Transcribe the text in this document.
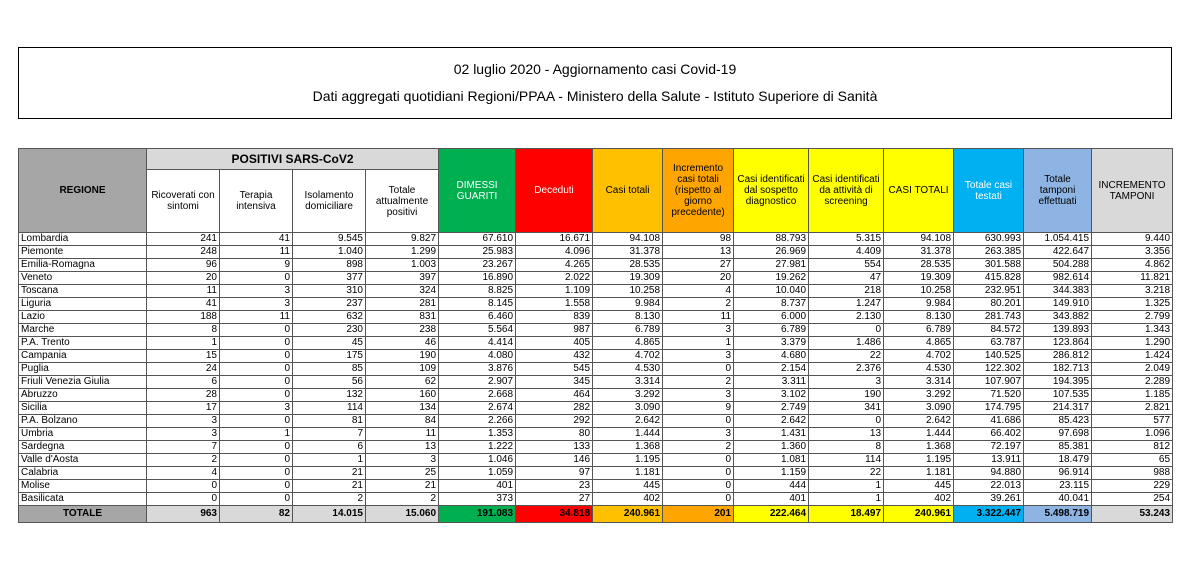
02 luglio 2020 - Aggiornamento casi Covid-19
Dati aggregati quotidiani Regioni/PPAA - Ministero della Salute - Istituto Superiore di Sanità
REGIONE	POSITIVI SARS-CoV2				DIMESSI GUARITI	Deceduti	Casi totali	Incremento casi totali (rispetto al giorno precedente)	Casi identificati dal sospetto diagnostico	Casi identificati da attività di screening	CASI TOTALI	Totale casi testati	Totale tamponi effettuati	INCREMENTO TAMPONI
	Ricoverati con sintomi	Terapia intensiva	Isolamento domiciliare	Totale attualmente positivi										
Lombardia	241	41	9.545	9.827	67.610	16.671	94.108	98	88.793	5.315	94.108	630.993	1.054.415	9.440
Piemonte	248	11	1.040	1.299	25.983	4.096	31.378	13	26.969	4.409	31.378	263.385	422.647	3.356
Emilia-Romagna	96	9	898	1.003	23.267	4.265	28.535	27	27.981	554	28.535	301.588	504.288	4.862
Veneto	20	0	377	397	16.890	2.022	19.309	20	19.262	47	19.309	415.828	982.614	11.821
Toscana	11	3	310	324	8.825	1.109	10.258	4	10.040	218	10.258	232.951	344.383	3.218
Liguria	41	3	237	281	8.145	1.558	9.984	2	8.737	1.247	9.984	80.201	149.910	1.325
Lazio	188	11	632	831	6.460	839	8.130	11	6.000	2.130	8.130	281.743	343.882	2.799
Marche	8	0	230	238	5.564	987	6.789	3	6.789	0	6.789	84.572	139.893	1.343
P.A. Trento	1	0	45	46	4.414	405	4.865	1	3.379	1.486	4.865	63.787	123.864	1.290
Campania	15	0	175	190	4.080	432	4.702	3	4.680	22	4.702	140.525	286.812	1.424
Puglia	24	0	85	109	3.876	545	4.530	0	2.154	2.376	4.530	122.302	182.713	2.049
Friuli Venezia Giulia	6	0	56	62	2.907	345	3.314	2	3.311	3	3.314	107.907	194.395	2.289
Abruzzo	28	0	132	160	2.668	464	3.292	3	3.102	190	3.292	71.520	107.535	1.185
Sicilia	17	3	114	134	2.674	282	3.090	9	2.749	341	3.090	174.795	214.317	2.821
P.A. Bolzano	3	0	81	84	2.266	292	2.642	0	2.642	0	2.642	41.686	85.423	577
Umbria	3	1	7	11	1.353	80	1.444	3	1.431	13	1.444	66.402	97.698	1.096
Sardegna	7	0	6	13	1.222	133	1.368	2	1.360	8	1.368	72.197	85.381	812
Valle d'Aosta	2	0	1	3	1.046	146	1.195	0	1.081	114	1.195	13.911	18.479	65
Calabria	4	0	21	25	1.059	97	1.181	0	1.159	22	1.181	94.880	96.914	988
Molise	0	0	21	21	401	23	445	0	444	1	445	22.013	23.115	229
Basilicata	0	0	2	2	373	27	402	0	401	1	402	39.261	40.041	254
TOTALE	963	82	14.015	15.060	191.083	34.818	240.961	201	222.464	18.497	240.961	3.322.447	5.498.719	53.243
